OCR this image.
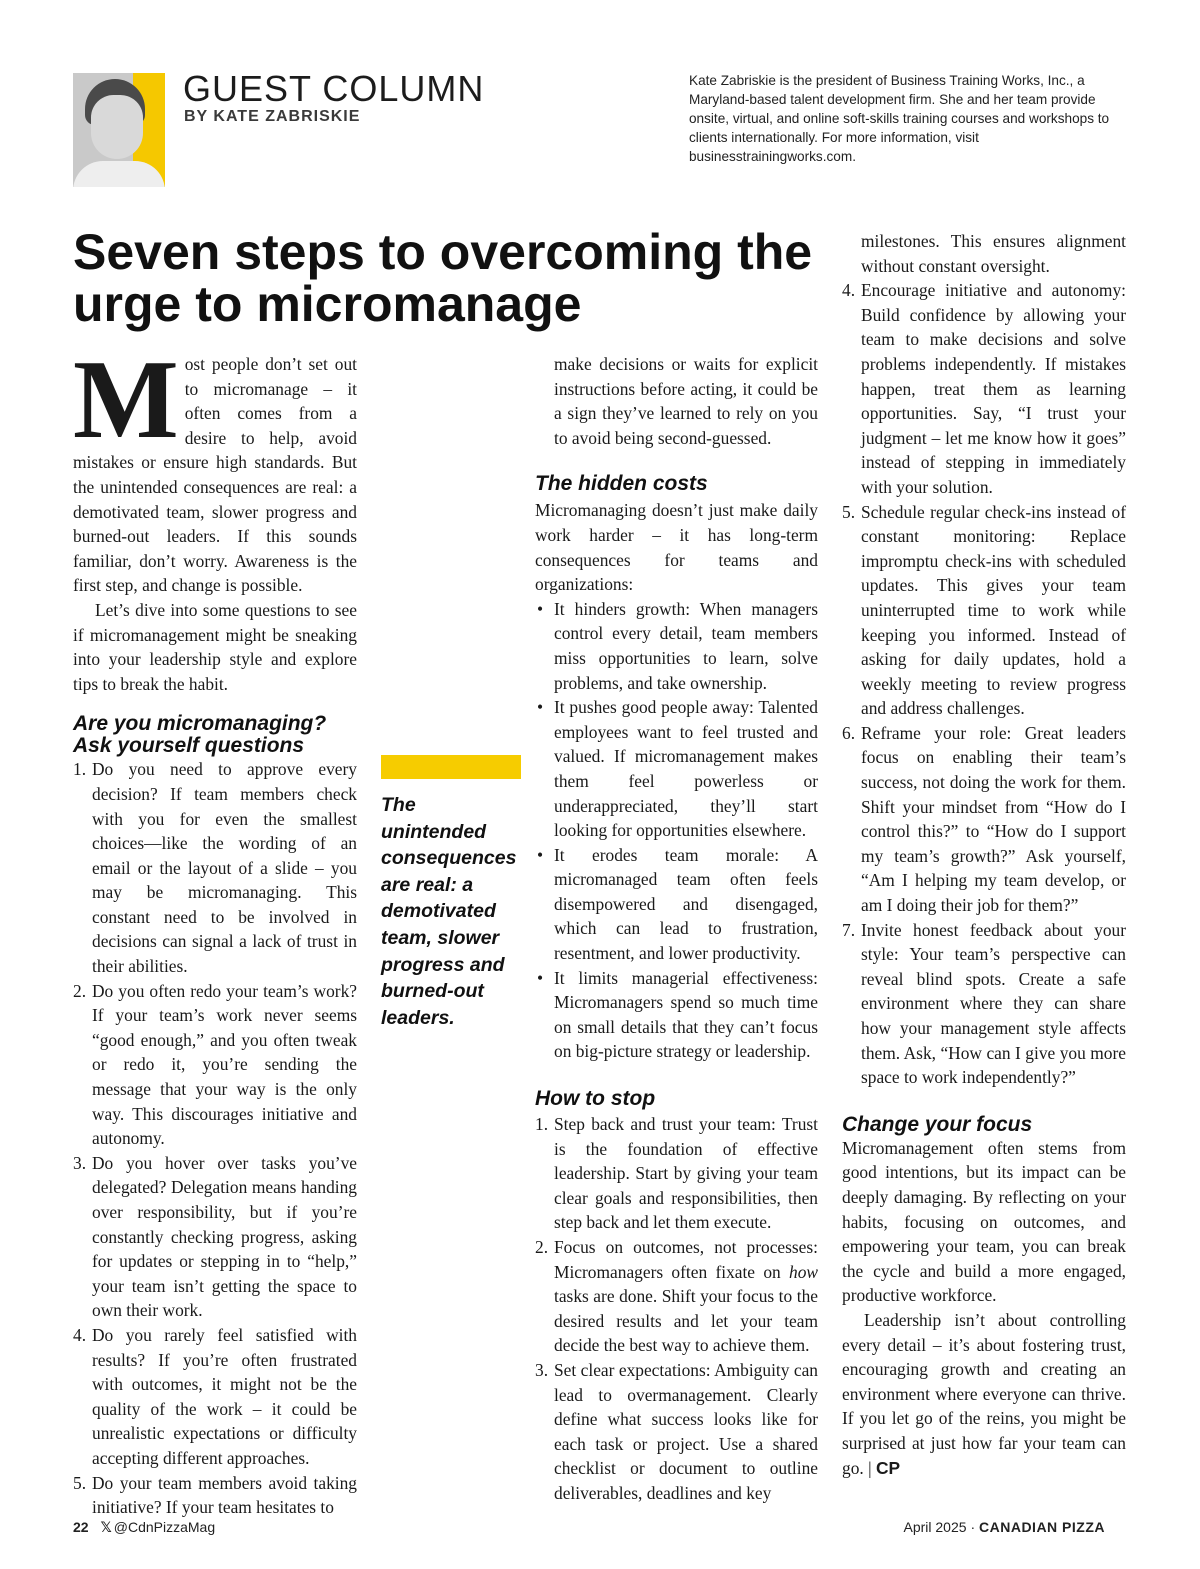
GUEST COLUMN
BY KATE ZABRISKIE
Kate Zabriskie is the president of Business Training Works, Inc., a Maryland-based talent development firm. She and her team provide onsite, virtual, and online soft-skills training courses and workshops to clients internationally. For more information, visit businesstrainingworks.com.
Seven steps to overcoming the urge to micromanage

Most people don’t set out to micromanage – it often comes from a desire to help, avoid mistakes or ensure high standards. But the unintended consequences are real: a demotivated team, slower progress and burned-out leaders. If this sounds familiar, don’t worry. Awareness is the first step, and change is possible.

Let’s dive into some questions to see if micromanagement might be sneaking into your leadership style and explore tips to break the habit.

Are you micromanaging?
Ask yourself questions
1. Do you need to approve every decision? If team members check with you for even the smallest choices—like the wording of an email or the layout of a slide – you may be micromanaging. This constant need to be involved in decisions can signal a lack of trust in their abilities.
2. Do you often redo your team’s work? If your team’s work never seems “good enough,” and you often tweak or redo it, you’re sending the message that your way is the only way. This discourages initiative and autonomy.
3. Do you hover over tasks you’ve delegated? Delegation means handing over responsibility, but if you’re constantly checking progress, asking for updates or stepping in to “help,” your team isn’t getting the space to own their work.
4. Do you rarely feel satisfied with results? If you’re often frustrated with outcomes, it might not be the quality of the work – it could be unrealistic expectations or difficulty accepting different approaches.
5. Do your team members avoid taking initiative? If your team hesitates to
The unintended consequences are real: a demotivated team, slower progress and burned-out leaders.

make decisions or waits for explicit instructions before acting, it could be a sign they’ve learned to rely on you to avoid being second-guessed.

The hidden costs

Micromanaging doesn’t just make daily work harder – it has long-term consequences for teams and organizations:

• It hinders growth: When managers control every detail, team members miss opportunities to learn, solve problems, and take ownership.
• It pushes good people away: Talented employees want to feel trusted and valued. If micromanagement makes them feel powerless or underappreciated, they’ll start looking for opportunities elsewhere.
• It erodes team morale: A micromanaged team often feels disempowered and disengaged, which can lead to frustration, resentment, and lower productivity.
• It limits managerial effectiveness: Micromanagers spend so much time on small details that they can’t focus on big-picture strategy or leadership.
How to stop
1. Step back and trust your team: Trust is the foundation of effective leadership. Start by giving your team clear goals and responsibilities, then step back and let them execute.
2. Focus on outcomes, not processes: Micromanagers often fixate on how tasks are done. Shift your focus to the desired results and let your team decide the best way to achieve them.
3. Set clear expectations: Ambiguity can lead to overmanagement. Clearly define what success looks like for each task or project. Use a shared checklist or document to outline deliverables, deadlines and key

milestones. This ensures alignment without constant oversight.

4. Encourage initiative and autonomy: Build confidence by allowing your team to make decisions and solve problems independently. If mistakes happen, treat them as learning opportunities. Say, “I trust your judgment – let me know how it goes” instead of stepping in immediately with your solution.
5. Schedule regular check-ins instead of constant monitoring: Replace impromptu check-ins with scheduled updates. This gives your team uninterrupted time to work while keeping you informed. Instead of asking for daily updates, hold a weekly meeting to review progress and address challenges.
6. Reframe your role: Great leaders focus on enabling their team’s success, not doing the work for them. Shift your mindset from “How do I control this?” to “How do I support my team’s growth?” Ask yourself, “Am I helping my team develop, or am I doing their job for them?”
7. Invite honest feedback about your style: Your team’s perspective can reveal blind spots. Create a safe environment where they can share how your management style affects them. Ask, “How can I give you more space to work independently?”
Change your focus

Micromanagement often stems from good intentions, but its impact can be deeply damaging. By reflecting on your habits, focusing on outcomes, and empowering your team, you can break the cycle and build a more engaged, productive workforce.

Leadership isn’t about controlling every detail – it’s about fostering trust, encouraging growth and creating an environment where everyone can thrive. If you let go of the reins, you might be surprised at just how far your team can go. | CP

22 𝕏 @CdnPizzaMag	April 2025 · CANADIAN PIZZA
